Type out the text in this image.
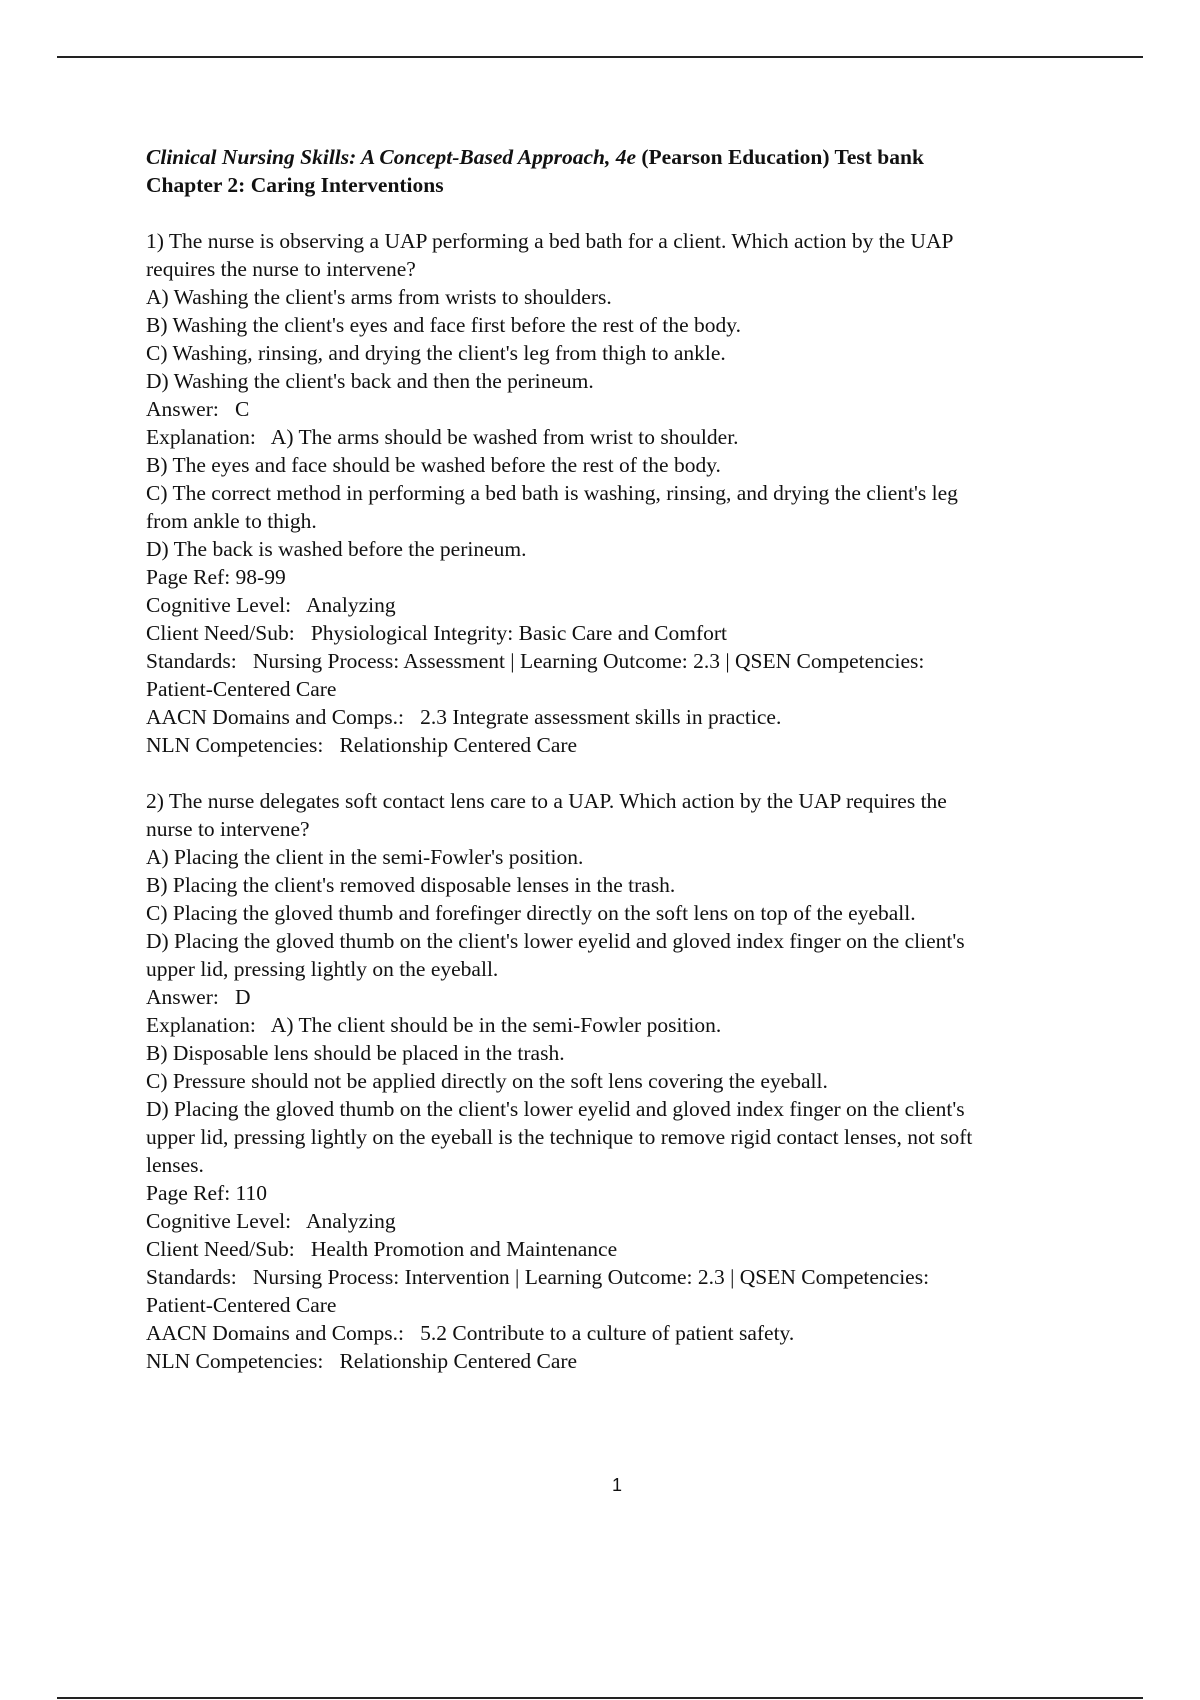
Clinical Nursing Skills: A Concept-Based Approach, 4e (Pearson Education) Test bank
Chapter 2: Caring Interventions
1) The nurse is observing a UAP performing a bed bath for a client. Which action by the UAP
requires the nurse to intervene?
A) Washing the client's arms from wrists to shoulders.
B) Washing the client's eyes and face first before the rest of the body.
C) Washing, rinsing, and drying the client's leg from thigh to ankle.
D) Washing the client's back and then the perineum.
Answer:   C
Explanation:   A) The arms should be washed from wrist to shoulder.
B) The eyes and face should be washed before the rest of the body.
C) The correct method in performing a bed bath is washing, rinsing, and drying the client's leg
from ankle to thigh.
D) The back is washed before the perineum.
Page Ref: 98-99
Cognitive Level:   Analyzing
Client Need/Sub:   Physiological Integrity: Basic Care and Comfort
Standards:   Nursing Process: Assessment | Learning Outcome: 2.3 | QSEN Competencies:
Patient-Centered Care
AACN Domains and Comps.:   2.3 Integrate assessment skills in practice.
NLN Competencies:   Relationship Centered Care
2) The nurse delegates soft contact lens care to a UAP. Which action by the UAP requires the
nurse to intervene?
A) Placing the client in the semi-Fowler's position.
B) Placing the client's removed disposable lenses in the trash.
C) Placing the gloved thumb and forefinger directly on the soft lens on top of the eyeball.
D) Placing the gloved thumb on the client's lower eyelid and gloved index finger on the client's
upper lid, pressing lightly on the eyeball.
Answer:   D
Explanation:   A) The client should be in the semi-Fowler position.
B) Disposable lens should be placed in the trash.
C) Pressure should not be applied directly on the soft lens covering the eyeball.
D) Placing the gloved thumb on the client's lower eyelid and gloved index finger on the client's
upper lid, pressing lightly on the eyeball is the technique to remove rigid contact lenses, not soft
lenses.
Page Ref: 110
Cognitive Level:   Analyzing
Client Need/Sub:   Health Promotion and Maintenance
Standards:   Nursing Process: Intervention | Learning Outcome: 2.3 | QSEN Competencies:
Patient-Centered Care
AACN Domains and Comps.:   5.2 Contribute to a culture of patient safety.
NLN Competencies:   Relationship Centered Care
1
